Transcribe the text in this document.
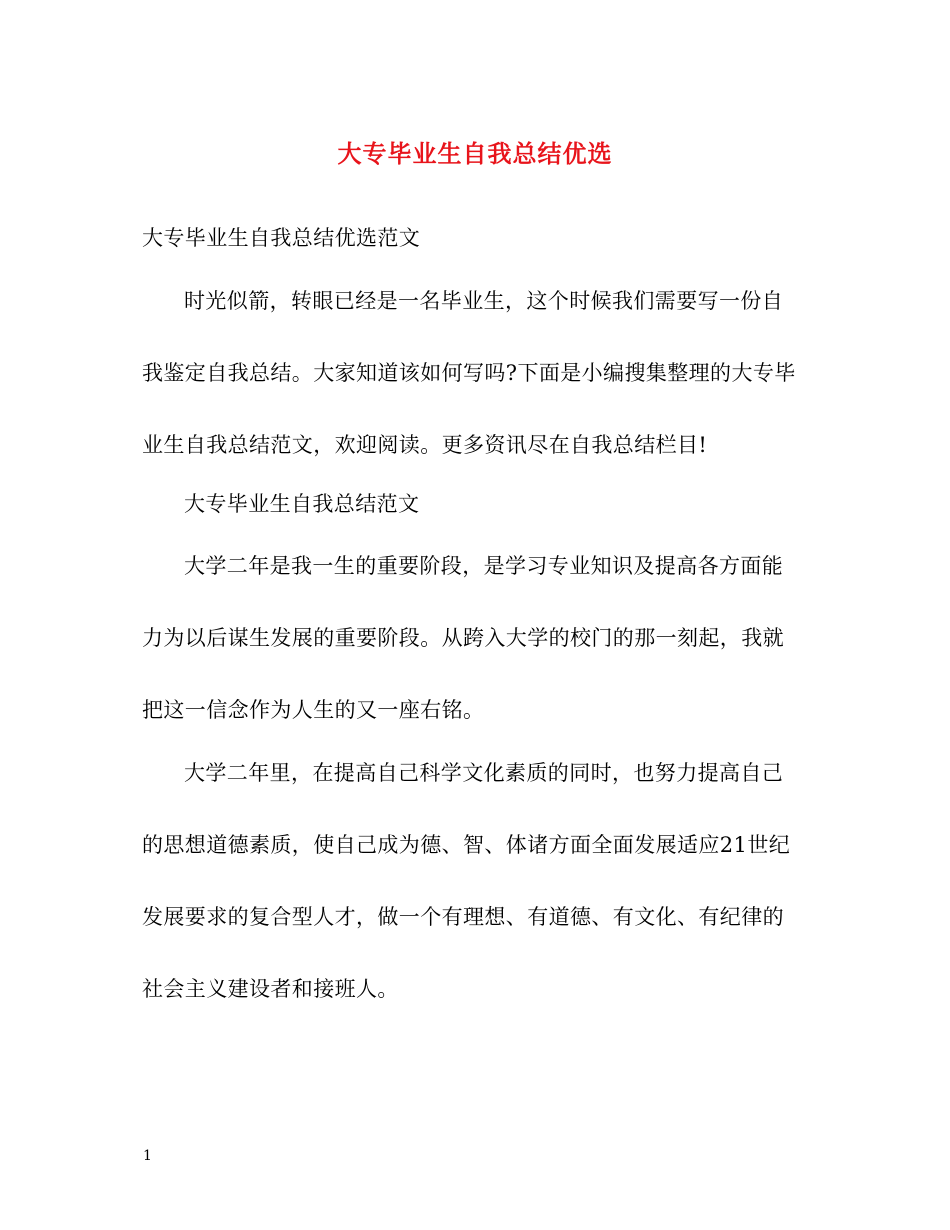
大专毕业生自我总结优选
大专毕业生自我总结优选范文
时光似箭，转眼已经是一名毕业生，这个时候我们需要写一份自
我鉴定自我总结。大家知道该如何写吗?下面是小编搜集整理的大专毕
业生自我总结范文，欢迎阅读。更多资讯尽在自我总结栏目!
大专毕业生自我总结范文
大学二年是我一生的重要阶段，是学习专业知识及提高各方面能
力为以后谋生发展的重要阶段。从跨入大学的校门的那一刻起，我就
把这一信念作为人生的又一座右铭。
大学二年里，在提高自己科学文化素质的同时，也努力提高自己
的思想道德素质，使自己成为德、智、体诸方面全面发展适应21世纪
发展要求的复合型人才，做一个有理想、有道德、有文化、有纪律的
社会主义建设者和接班人。
1
